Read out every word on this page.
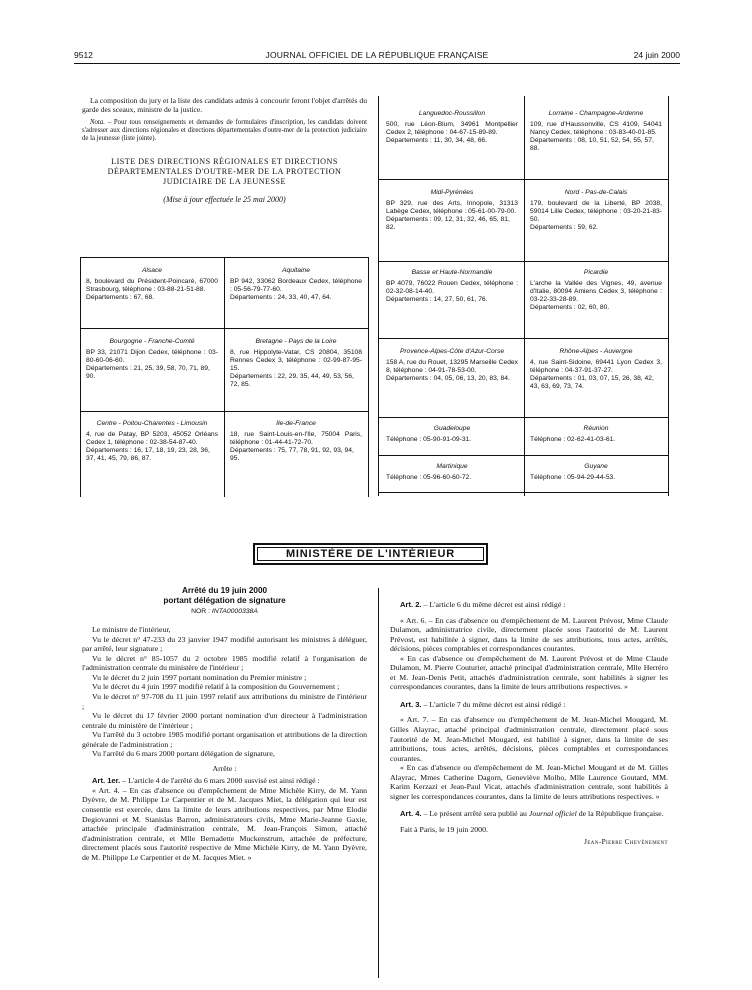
9512	JOURNAL OFFICIEL DE LA RÉPUBLIQUE FRANÇAISE	24 juin 2000

La composition du jury et la liste des candidats admis à concourir feront l'objet d'arrêtés du garde des sceaux, ministre de la justice.

Nota. – Pour tous renseignements et demandes de formulaires d'inscription, les candidats doivent s'adresser aux directions régionales et directions départementales d'outre-mer de la protection judiciaire de la jeunesse (liste jointe).

LISTE DES DIRECTIONS RÉGIONALES ET DIRECTIONS DÉPARTEMENTALES D'OUTRE-MER DE LA PROTECTION JUDICIAIRE DE LA JEUNESSE
(Mise à jour effectuée le 25 mai 2000)
Alsace
8, boulevard du Président-Poincaré, 67000 Strasbourg, téléphone : 03-88-21-51-88.
Départements : 67, 68.
Aquitaine
BP 942, 33062 Bordeaux Cedex, téléphone : 05-56-79-77-60.
Départements : 24, 33, 40, 47, 64.
Bourgogne - Franche-Comté
BP 33, 21071 Dijon Cedex, téléphone : 03-80-60-06-60.
Départements : 21, 25, 39, 58, 70, 71, 89, 90.
Bretagne - Pays de la Loire
8, rue Hippolyte-Vatar, CS 20804, 35108 Rennes Cedex 3, téléphone : 02-99-87-95-15.
Départements : 22, 29, 35, 44, 49, 53, 56, 72, 85.
Centre - Poitou-Charentes - Limousin
4, rue de Patay, BP 5203, 45052 Orléans Cedex 1, téléphone : 02-38-54-87-40.
Départements : 16, 17, 18, 19, 23, 28, 36, 37, 41, 45, 79, 86, 87.
Ile-de-France
18, rue Saint-Louis-en-l'Ile, 75004 Paris, téléphone : 01-44-41-72-70.
Départements : 75, 77, 78, 91, 92, 93, 94, 95.
Languedoc-Roussillon
500, rue Léon-Blum, 34961 Montpellier Cedex 2, téléphone : 04-67-15-89-89.
Départements : 11, 30, 34, 48, 66.
Lorraine - Champagne-Ardenne
109, rue d'Haussonville, CS 4109, 54041 Nancy Cedex, téléphone : 03-83-40-01-85.
Départements : 08, 10, 51, 52, 54, 55, 57, 88.
Midi-Pyrénées
BP 329, rue des Arts, Innopole, 31313 Labège Cedex, téléphone : 05-61-00-79-00.
Départements : 09, 12, 31, 32, 46, 65, 81, 82.
Nord - Pas-de-Calais
179, boulevard de la Liberté, BP 2038, 59014 Lille Cedex, téléphone : 03-20-21-83-50.
Départements : 59, 62.
Basse et Haute-Normandie
BP 4079, 76022 Rouen Cedex, téléphone : 02-32-08-14-40.
Départements : 14, 27, 50, 61, 76.
Picardie
L'arche la Vallée des Vignes, 49, avenue d'Italie, 80094 Amiens Cedex 3, téléphone : 03-22-33-28-89.
Départements : 02, 60, 80.
Provence-Alpes-Côte d'Azur-Corse
158 A, rue du Rouet, 13295 Marseille Cedex 8, téléphone : 04-91-78-53-00.
Départements : 04, 05, 06, 13, 20, 83, 84.
Rhône-Alpes - Auvergne
4, rue Saint-Sidoine, 69441 Lyon Cedex 3, téléphone : 04-37-91-37-27.
Départements : 01, 03, 07, 15, 26, 38, 42, 43, 63, 69, 73, 74.
Guadeloupe
Téléphone : 05-90-91-09-31.
Réunion
Téléphone : 02-62-41-03-61.
Martinique
Téléphone : 05-96-60-60-72.
Guyane
Téléphone : 05-94-29-44-53.
MINISTÈRE DE L'INTÉRIEUR
Arrêté du 19 juin 2000
portant délégation de signature
NOR : INTA0000338A

Le ministre de l'intérieur,

Vu le décret n° 47-233 du 23 janvier 1947 modifié autorisant les ministres à déléguer, par arrêté, leur signature ;

Vu le décret n° 85-1057 du 2 octobre 1985 modifié relatif à l'organisation de l'administration centrale du ministère de l'intérieur ;

Vu le décret du 2 juin 1997 portant nomination du Premier ministre ;

Vu le décret du 4 juin 1997 modifié relatif à la composition du Gouvernement ;

Vu le décret n° 97-708 du 11 juin 1997 relatif aux attributions du ministre de l'intérieur ;

Vu le décret du 17 février 2000 portant nomination d'un directeur à l'administration centrale du ministère de l'intérieur ;

Vu l'arrêté du 3 octobre 1985 modifié portant organisation et attributions de la direction générale de l'administration ;

Vu l'arrêté du 6 mars 2000 portant délégation de signature,

Arrête :

Art. 1er. – L'article 4 de l'arrêté du 6 mars 2000 susvisé est ainsi rédigé :

« Art. 4. – En cas d'absence ou d'empêchement de Mme Michèle Kirry, de M. Yann Dyèvre, de M. Philippe Le Carpentier et de M. Jacques Miet, la délégation qui leur est consentie est exercée, dans la limite de leurs attributions respectives, par Mme Elodie Degiovanni et M. Stanislas Barron, administrateurs civils, Mme Marie-Jeanne Gaxie, attachée principale d'administration centrale, M. Jean-François Simon, attaché d'administration centrale, et Mlle Bernadette Muckenstrum, attachée de préfecture, directement placés sous l'autorité respective de Mme Michèle Kirry, de M. Yann Dyèvre, de M. Philippe Le Carpentier et de M. Jacques Miet. »

Art. 2. – L'article 6 du même décret est ainsi rédigé :

« Art. 6. – En cas d'absence ou d'empêchement de M. Laurent Prévost, Mme Claude Dulamon, administratrice civile, directement placée sous l'autorité de M. Laurent Prévost, est habilitée à signer, dans la limite de ses attributions, tous actes, arrêtés, décisions, pièces comptables et correspondances courantes.

« En cas d'absence ou d'empêchement de M. Laurent Prévost et de Mme Claude Dulamon, M. Pierre Couturier, attaché principal d'administration centrale, Mlle Herréro et M. Jean-Denis Petit, attachés d'administration centrale, sont habilités à signer les correspondances courantes, dans la limite de leurs attributions respectives. »

Art. 3. – L'article 7 du même décret est ainsi rédigé :

« Art. 7. – En cas d'absence ou d'empêchement de M. Jean-Michel Mougard, M. Gilles Alayrac, attaché principal d'administration centrale, directement placé sous l'autorité de M. Jean-Michel Mougard, est habilité à signer, dans la limite de ses attributions, tous actes, arrêtés, décisions, pièces comptables et correspondances courantes.

« En cas d'absence ou d'empêchement de M. Jean-Michel Mougard et de M. Gilles Alayrac, Mmes Catherine Dagorn, Geneviève Molho, Mlle Laurence Goutard, MM. Karim Kerzazi et Jean-Paul Vicat, attachés d'administration centrale, sont habilités à signer les correspondances courantes, dans la limite de leurs attributions respectives. »

Art. 4. – Le présent arrêté sera publié au Journal officiel de la République française.

Fait à Paris, le 19 juin 2000.

Jean-Pierre Chevènement
